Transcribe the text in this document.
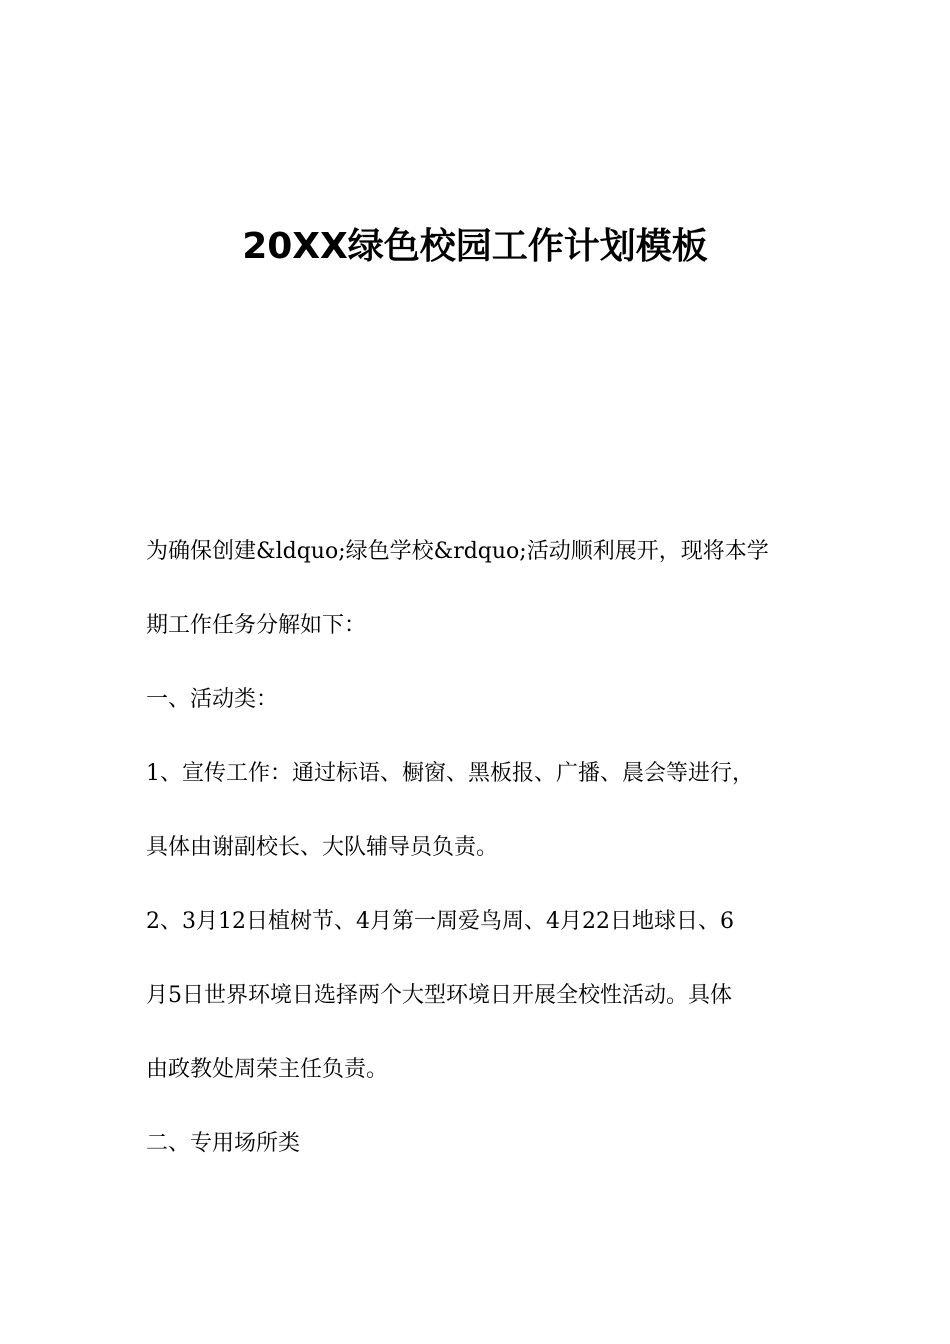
20XX绿色校园工作计划模板

为确保创建&ldquo;绿色学校&rdquo;活动顺利展开，现将本学

期工作任务分解如下：

一、活动类：

1、宣传工作：通过标语、橱窗、黑板报、广播、晨会等进行，

具体由谢副校长、大队辅导员负责。

2、3月12日植树节、4月第一周爱鸟周、4月22日地球日、6

月5日世界环境日选择两个大型环境日开展全校性活动。具体

由政教处周荣主任负责。

二、专用场所类
